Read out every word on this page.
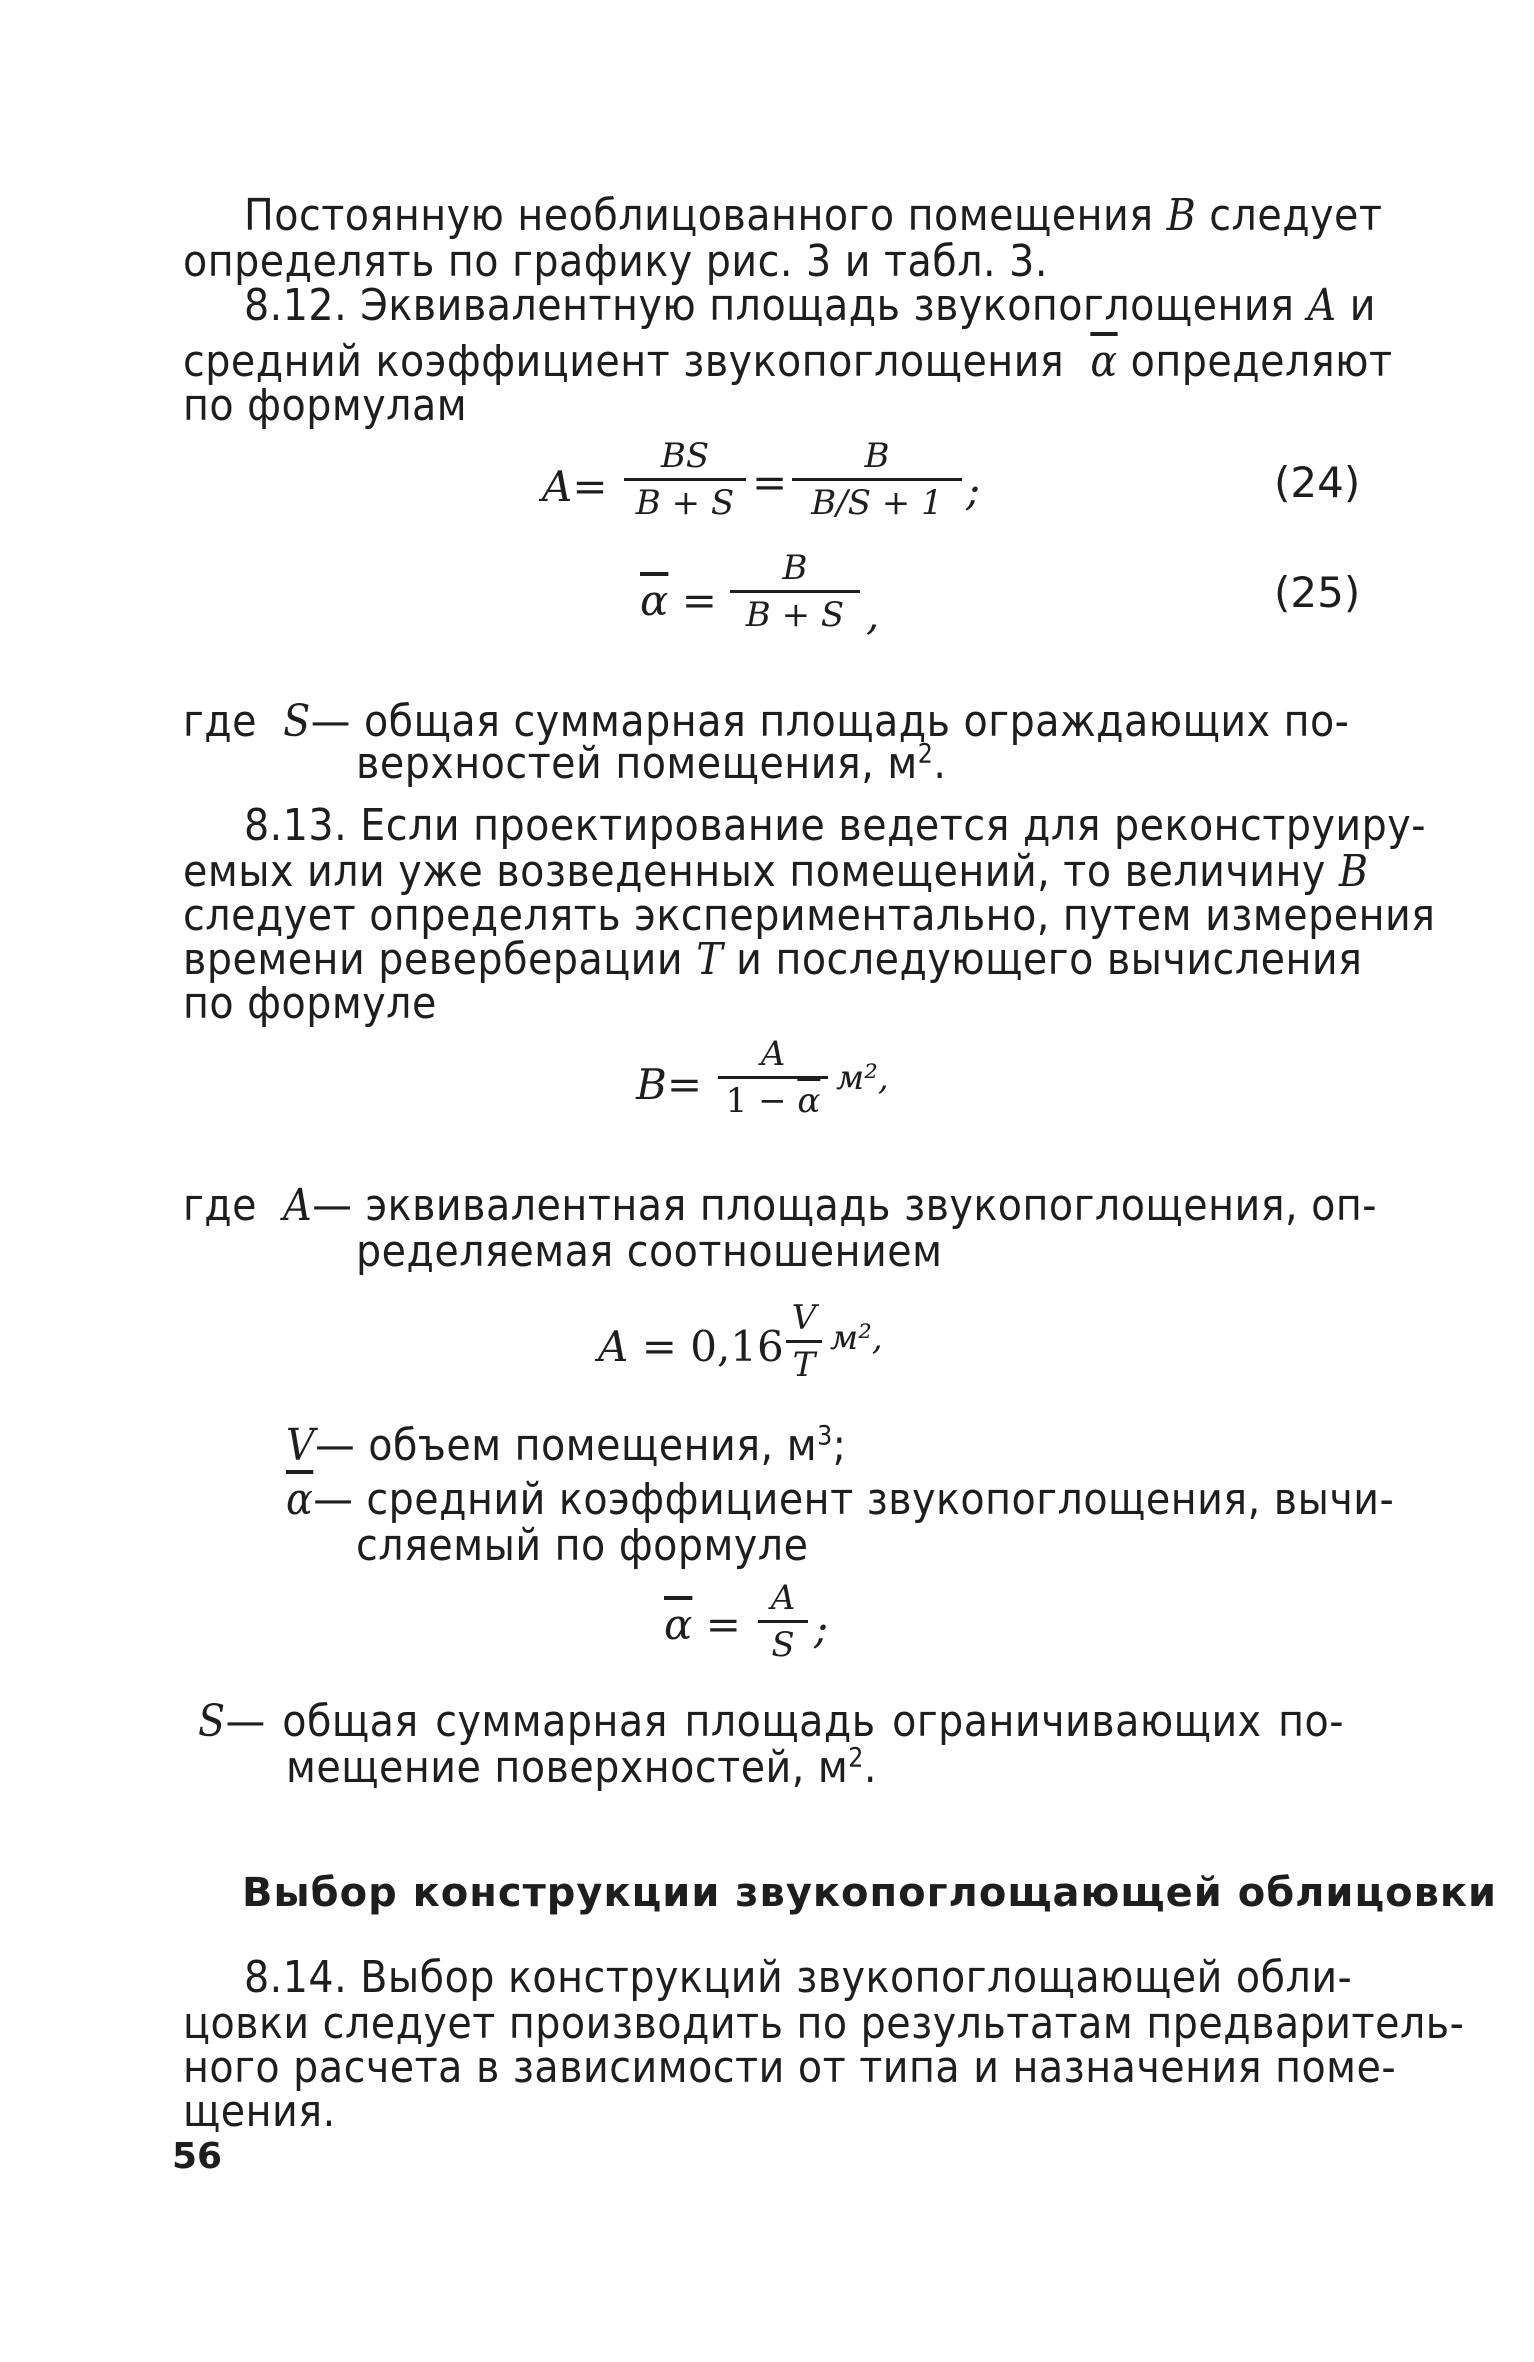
Постоянную необлицованного помещения B следует
определять по графику рис. 3 и табл. 3.
8.12. Эквивалентную площадь звукопоглощения A и
средний коэффициент звукопоглощения $\overline{\alpha}$ определяют
по формулам
A=
BS
B + S =
B
B/S + 1 ;	(24)
$\overline{\alpha}$ =
B
B + S ,	(25)
где S— общая суммарная площадь ограждающих по-
верхностей помещения, $м^2$.
8.13. Если проектирование ведется для реконструиру-
емых или уже возведенных помещений, то величину B
следует определять экспериментально, путем измерения
времени реверберации T и последующего вычисления
по формуле
B=
A
$1 - \overline{\alpha}$
м²,
где A— эквивалентная площадь звукопоглощения, оп-
ределяемая соотношением
A = 0,16
V
T
м²,
V— объем помещения, $м^3$;
$\overline{\alpha}—$ средний коэффициент звукопоглощения, вычи-
сляемый по формуле
$\overline{\alpha}$ =
A
S ;
S— общая суммарная площадь ограничивающих по-
мещение поверхностей, $м^2$.
Выбор конструкции звукопоглощающей облицовки
8.14. Выбор конструкций звукопоглощающей обли-
цовки следует производить по результатам предваритель-
ного расчета в зависимости от типа и назначения поме-
щения.
56
